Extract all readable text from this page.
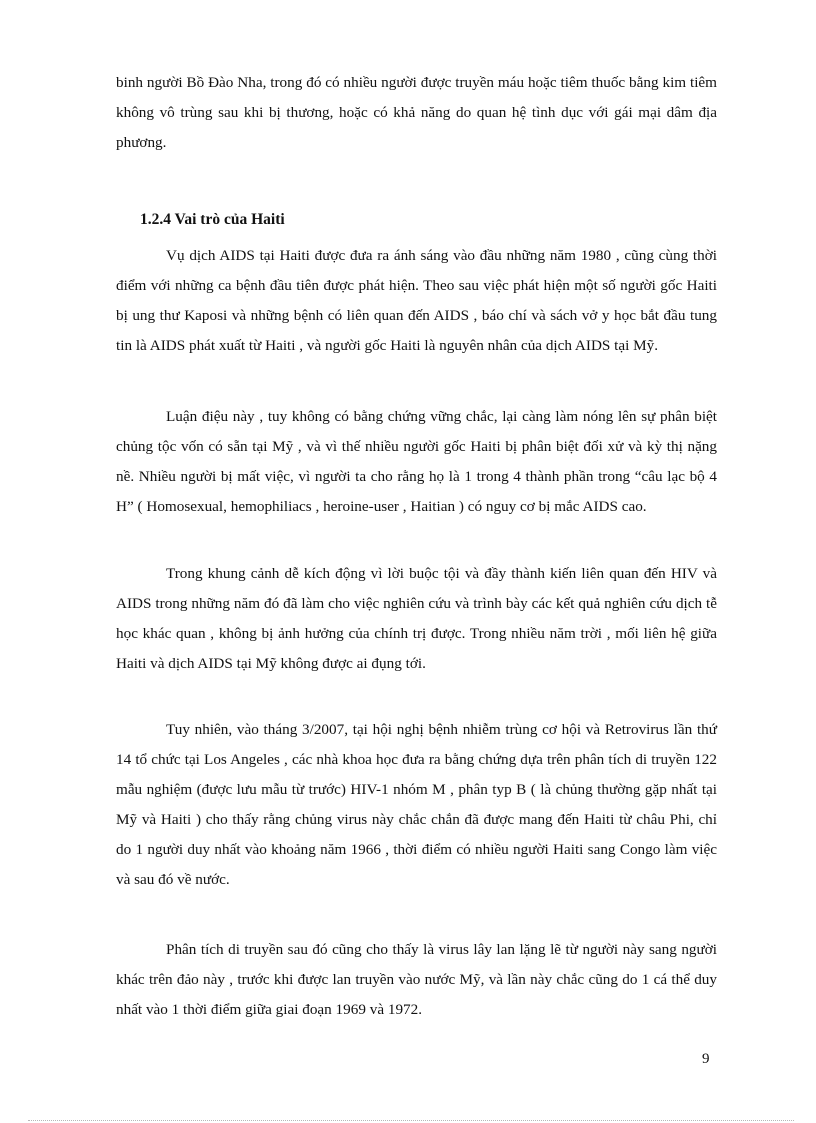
binh người Bồ Đào Nha, trong đó có nhiều người được truyền máu hoặc tiêm thuốc bằng kim tiêm không vô trùng sau khi bị thương, hoặc có khả năng do quan hệ tình dục với gái mại dâm địa phương.

1.2.4 Vai trò của Haiti

Vụ dịch AIDS tại Haiti được đưa ra ánh sáng vào đầu những năm 1980 , cũng cùng thời điểm với những ca bệnh đầu tiên được phát hiện. Theo sau việc phát hiện một số người gốc Haiti bị ung thư Kaposi và những bệnh có liên quan đến AIDS , báo chí và sách vở y học bắt đầu tung tin là AIDS phát xuất từ Haiti , và người gốc Haiti là nguyên nhân của dịch AIDS tại Mỹ.

Luận điệu này , tuy không có bằng chứng vững chắc, lại càng làm nóng lên sự phân biệt chủng tộc vốn có sẵn tại Mỹ , và vì thế nhiều người gốc Haiti bị phân biệt đối xử và kỳ thị nặng nề. Nhiều người bị mất việc, vì người ta cho rằng họ là 1 trong 4 thành phần trong “câu lạc bộ 4 H” ( Homosexual, hemophiliacs , heroine-user , Haitian ) có nguy cơ bị mắc AIDS cao.

Trong khung cảnh dễ kích động vì lời buộc tội và đầy thành kiến liên quan đến HIV và AIDS trong những năm đó đã làm cho việc nghiên cứu và trình bày các kết quả nghiên cứu dịch tễ học khác quan , không bị ảnh hưởng của chính trị được. Trong nhiều năm trời , mối liên hệ giữa Haiti và dịch AIDS tại Mỹ không được ai đụng tới.

Tuy nhiên, vào tháng 3/2007, tại hội nghị bệnh nhiễm trùng cơ hội và Retrovirus lần thứ 14 tổ chức tại Los Angeles , các nhà khoa học đưa ra bằng chứng dựa trên phân tích di truyền 122 mẫu nghiệm (được lưu mẫu từ trước) HIV-1 nhóm M , phân typ B ( là chủng thường gặp nhất tại Mỹ và Haiti ) cho thấy rằng chủng virus này chắc chắn đã được mang đến Haiti từ châu Phi, chỉ do 1 người duy nhất vào khoảng năm 1966 , thời điểm có nhiều người Haiti sang Congo làm việc và sau đó về nước.

Phân tích di truyền sau đó cũng cho thấy là virus lây lan lặng lẽ từ người này sang người khác trên đảo này , trước khi được lan truyền vào nước Mỹ, và lần này chắc cũng do 1 cá thể duy nhất vào 1 thời điểm giữa giai đoạn 1969 và 1972.

9
